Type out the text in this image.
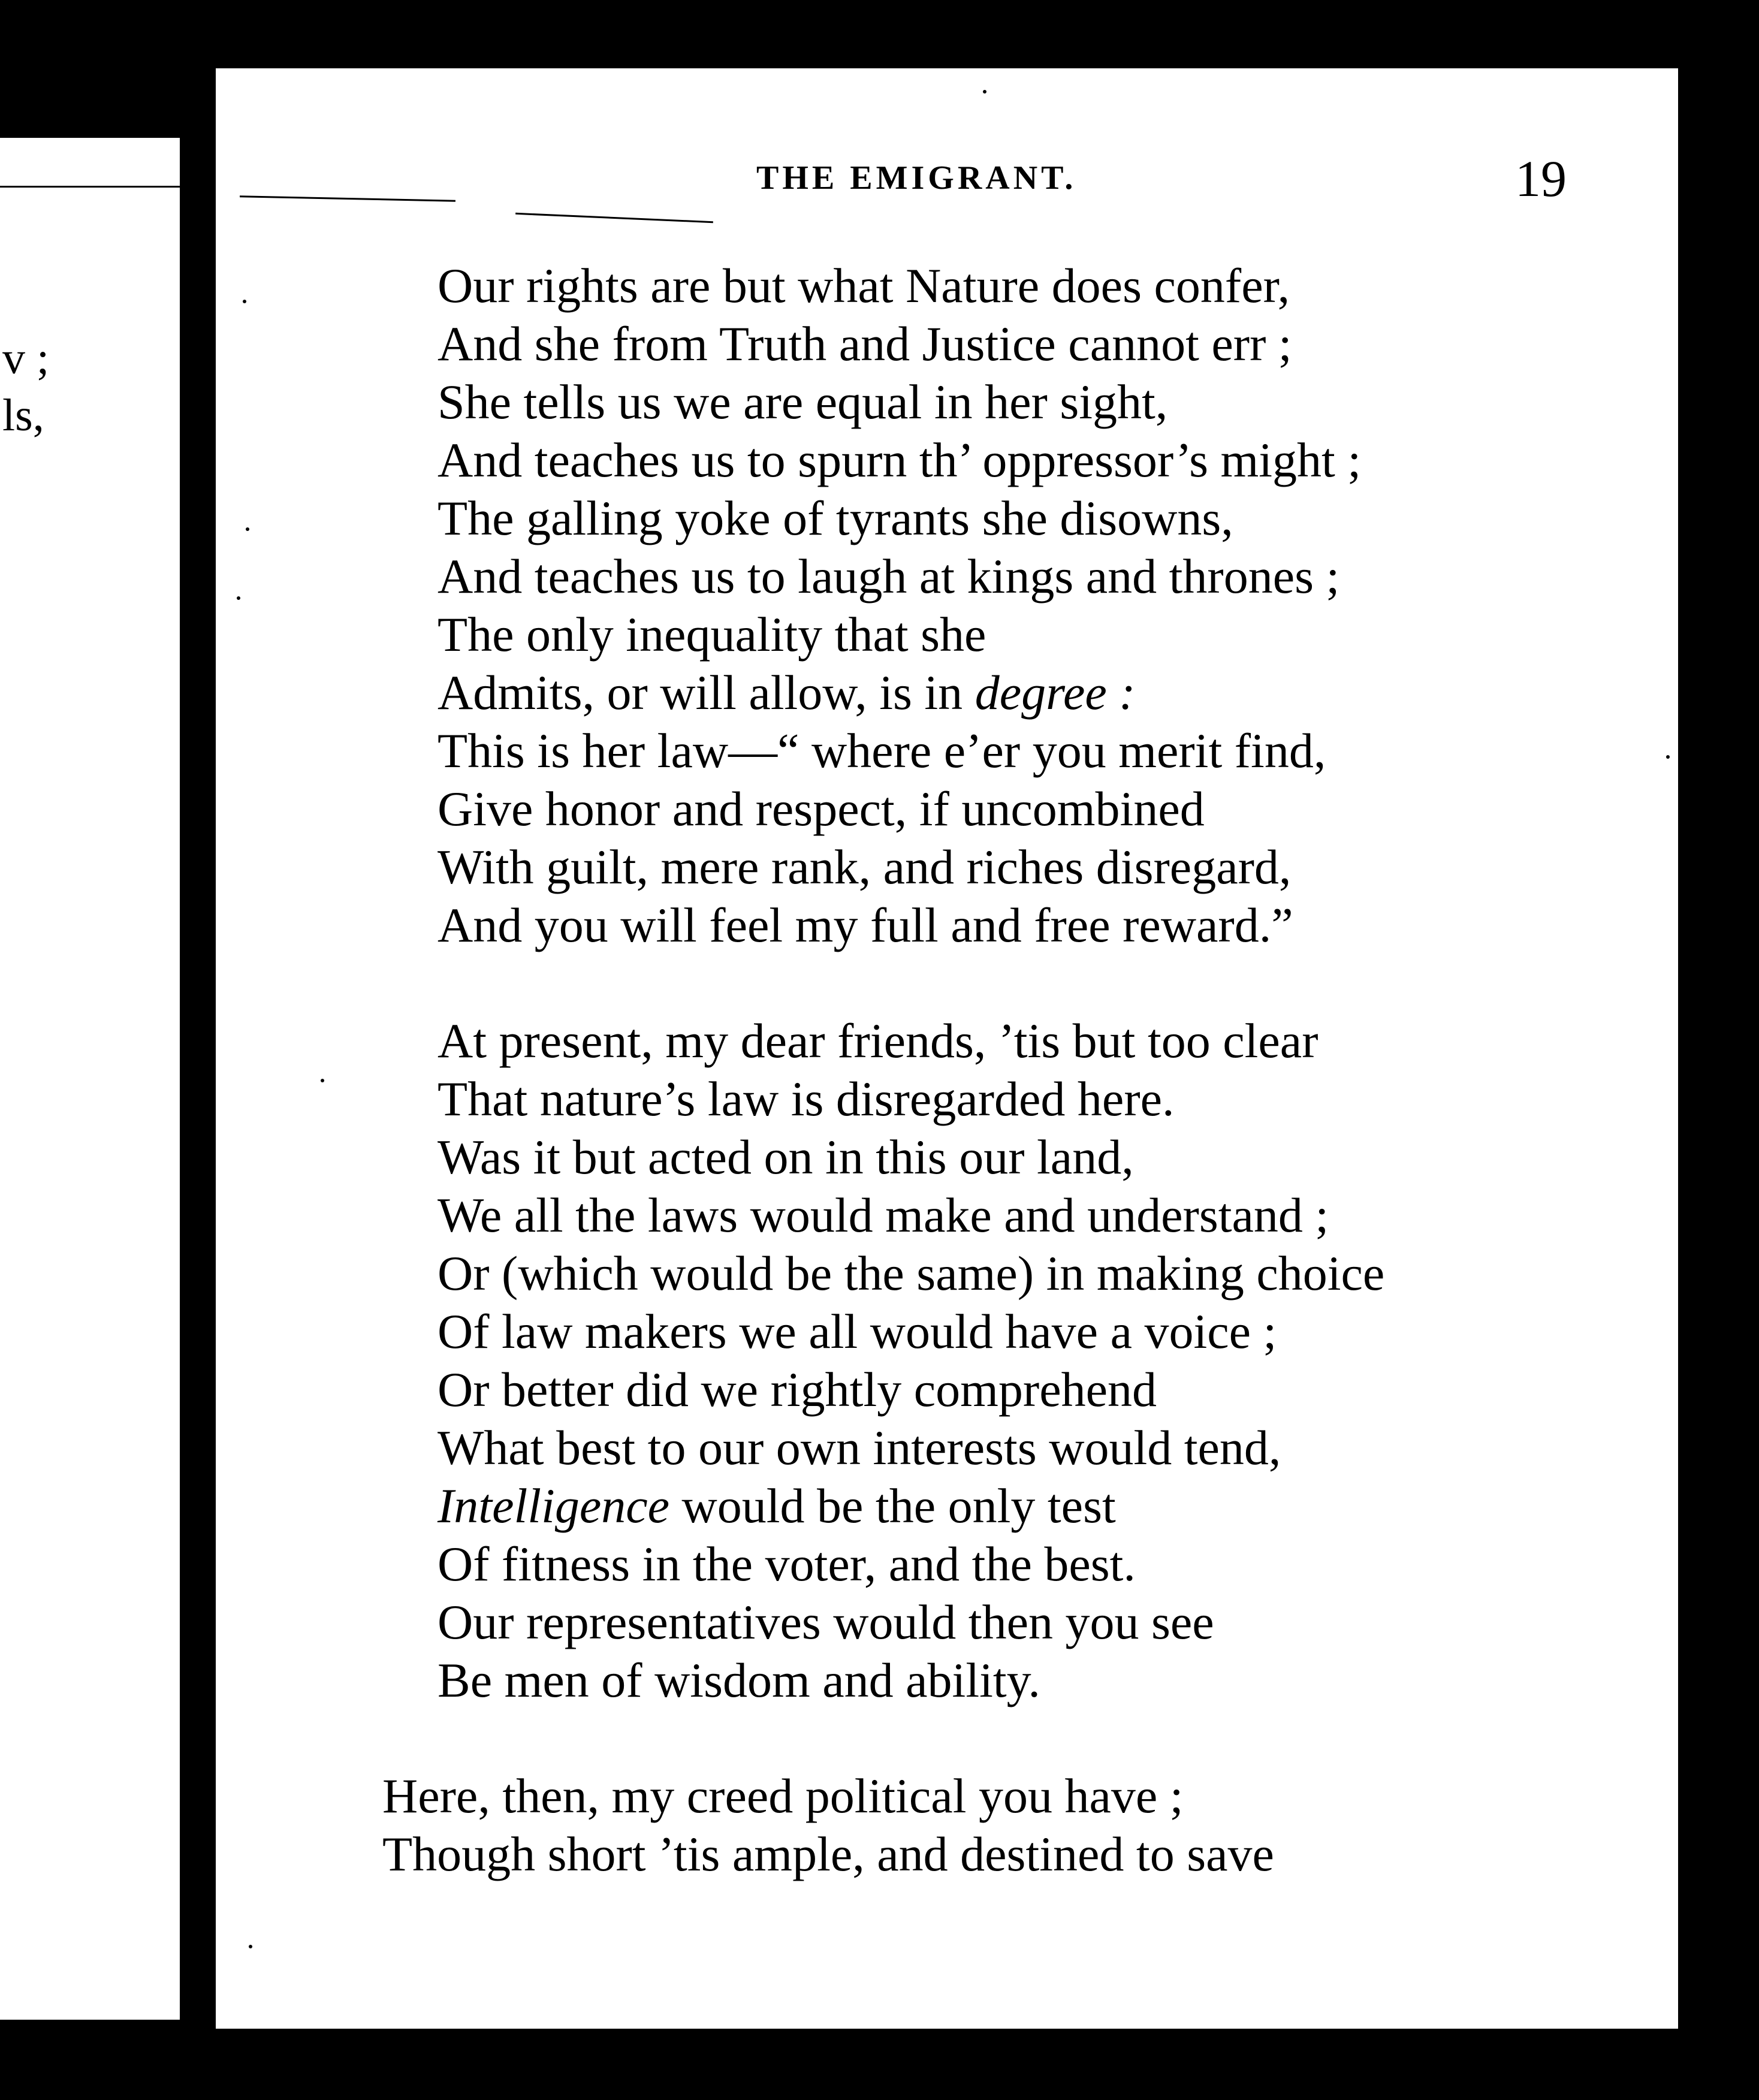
v ;
ls,
THE EMIGRANT.	19
Our rights are but what Nature does confer,
And she from Truth and Justice cannot err ;
She tells us we are equal in her sight,
And teaches us to spurn th’ oppressor’s might ;
The galling yoke of tyrants she disowns,
And teaches us to laugh at kings and thrones ;
The only inequality that she
Admits, or will allow, is in degree :
This is her law—“ where e’er you merit find,
Give honor and respect, if uncombined
With guilt, mere rank, and riches disregard,
And you will feel my full and free reward.”
At present, my dear friends, ’tis but too clear
That nature’s law is disregarded here.
Was it but acted on in this our land,
We all the laws would make and understand ;
Or (which would be the same) in making choice
Of law makers we all would have a voice ;
Or better did we rightly comprehend
What best to our own interests would tend,
Intelligence would be the only test
Of fitness in the voter, and the best.
Our representatives would then you see
Be men of wisdom and ability.
Here, then, my creed political you have ;
Though short ’tis ample, and destined to save
